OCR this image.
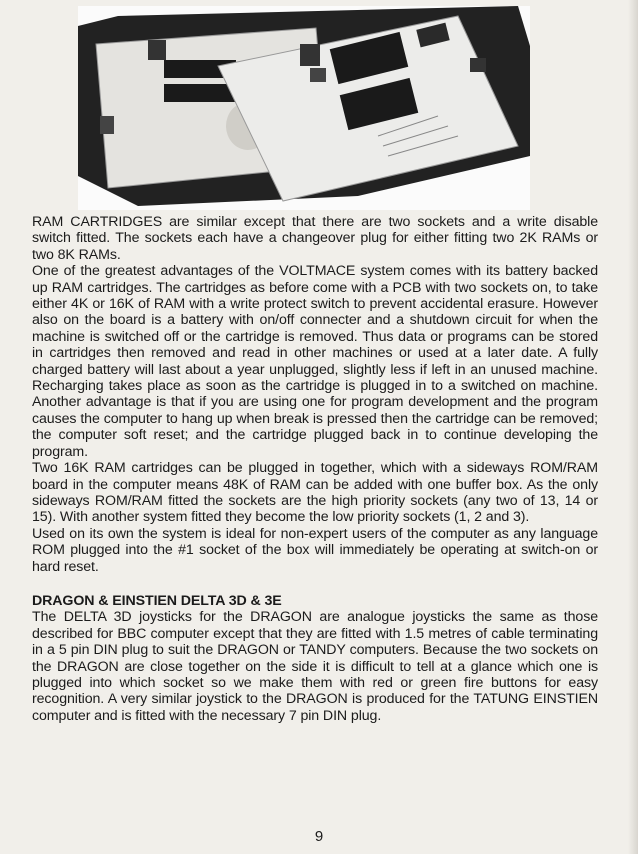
RAM CARTRIDGES are similar except that there are two sockets and a write disable switch fitted. The sockets each have a changeover plug for either fitting two 2K RAMs or two 8K RAMs.

One of the greatest advantages of the VOLTMACE system comes with its battery backed up RAM cartridges. The cartridges as before come with a PCB with two sockets on, to take either 4K or 16K of RAM with a write protect switch to prevent accidental erasure. However also on the board is a battery with on/off connecter and a shutdown circuit for when the machine is switched off or the cartridge is removed. Thus data or programs can be stored in cartridges then removed and read in other machines or used at a later date. A fully charged battery will last about a year unplugged, slightly less if left in an unused machine. Recharging takes place as soon as the cartridge is plugged in to a switched on machine. Another advantage is that if you are using one for program development and the program causes the computer to hang up when break is pressed then the cartridge can be removed; the computer soft reset; and the cartridge plugged back in to continue developing the program.

Two 16K RAM cartridges can be plugged in together, which with a sideways ROM/RAM board in the computer means 48K of RAM can be added with one buffer box. As the only sideways ROM/RAM fitted the sockets are the high priority sockets (any two of 13, 14 or 15). With another system fitted they become the low priority sockets (1, 2 and 3).

Used on its own the system is ideal for non-expert users of the computer as any language ROM plugged into the #1 socket of the box will immediately be operating at switch-on or hard reset.

DRAGON & EINSTIEN DELTA 3D & 3E

The DELTA 3D joysticks for the DRAGON are analogue joysticks the same as those described for BBC computer except that they are fitted with 1.5 metres of cable terminating in a 5 pin DIN plug to suit the DRAGON or TANDY computers. Because the two sockets on the DRAGON are close together on the side it is difficult to tell at a glance which one is plugged into which socket so we make them with red or green fire buttons for easy recognition. A very similar joystick to the DRAGON is produced for the TATUNG EINSTIEN computer and is fitted with the necessary 7 pin DIN plug.

9
